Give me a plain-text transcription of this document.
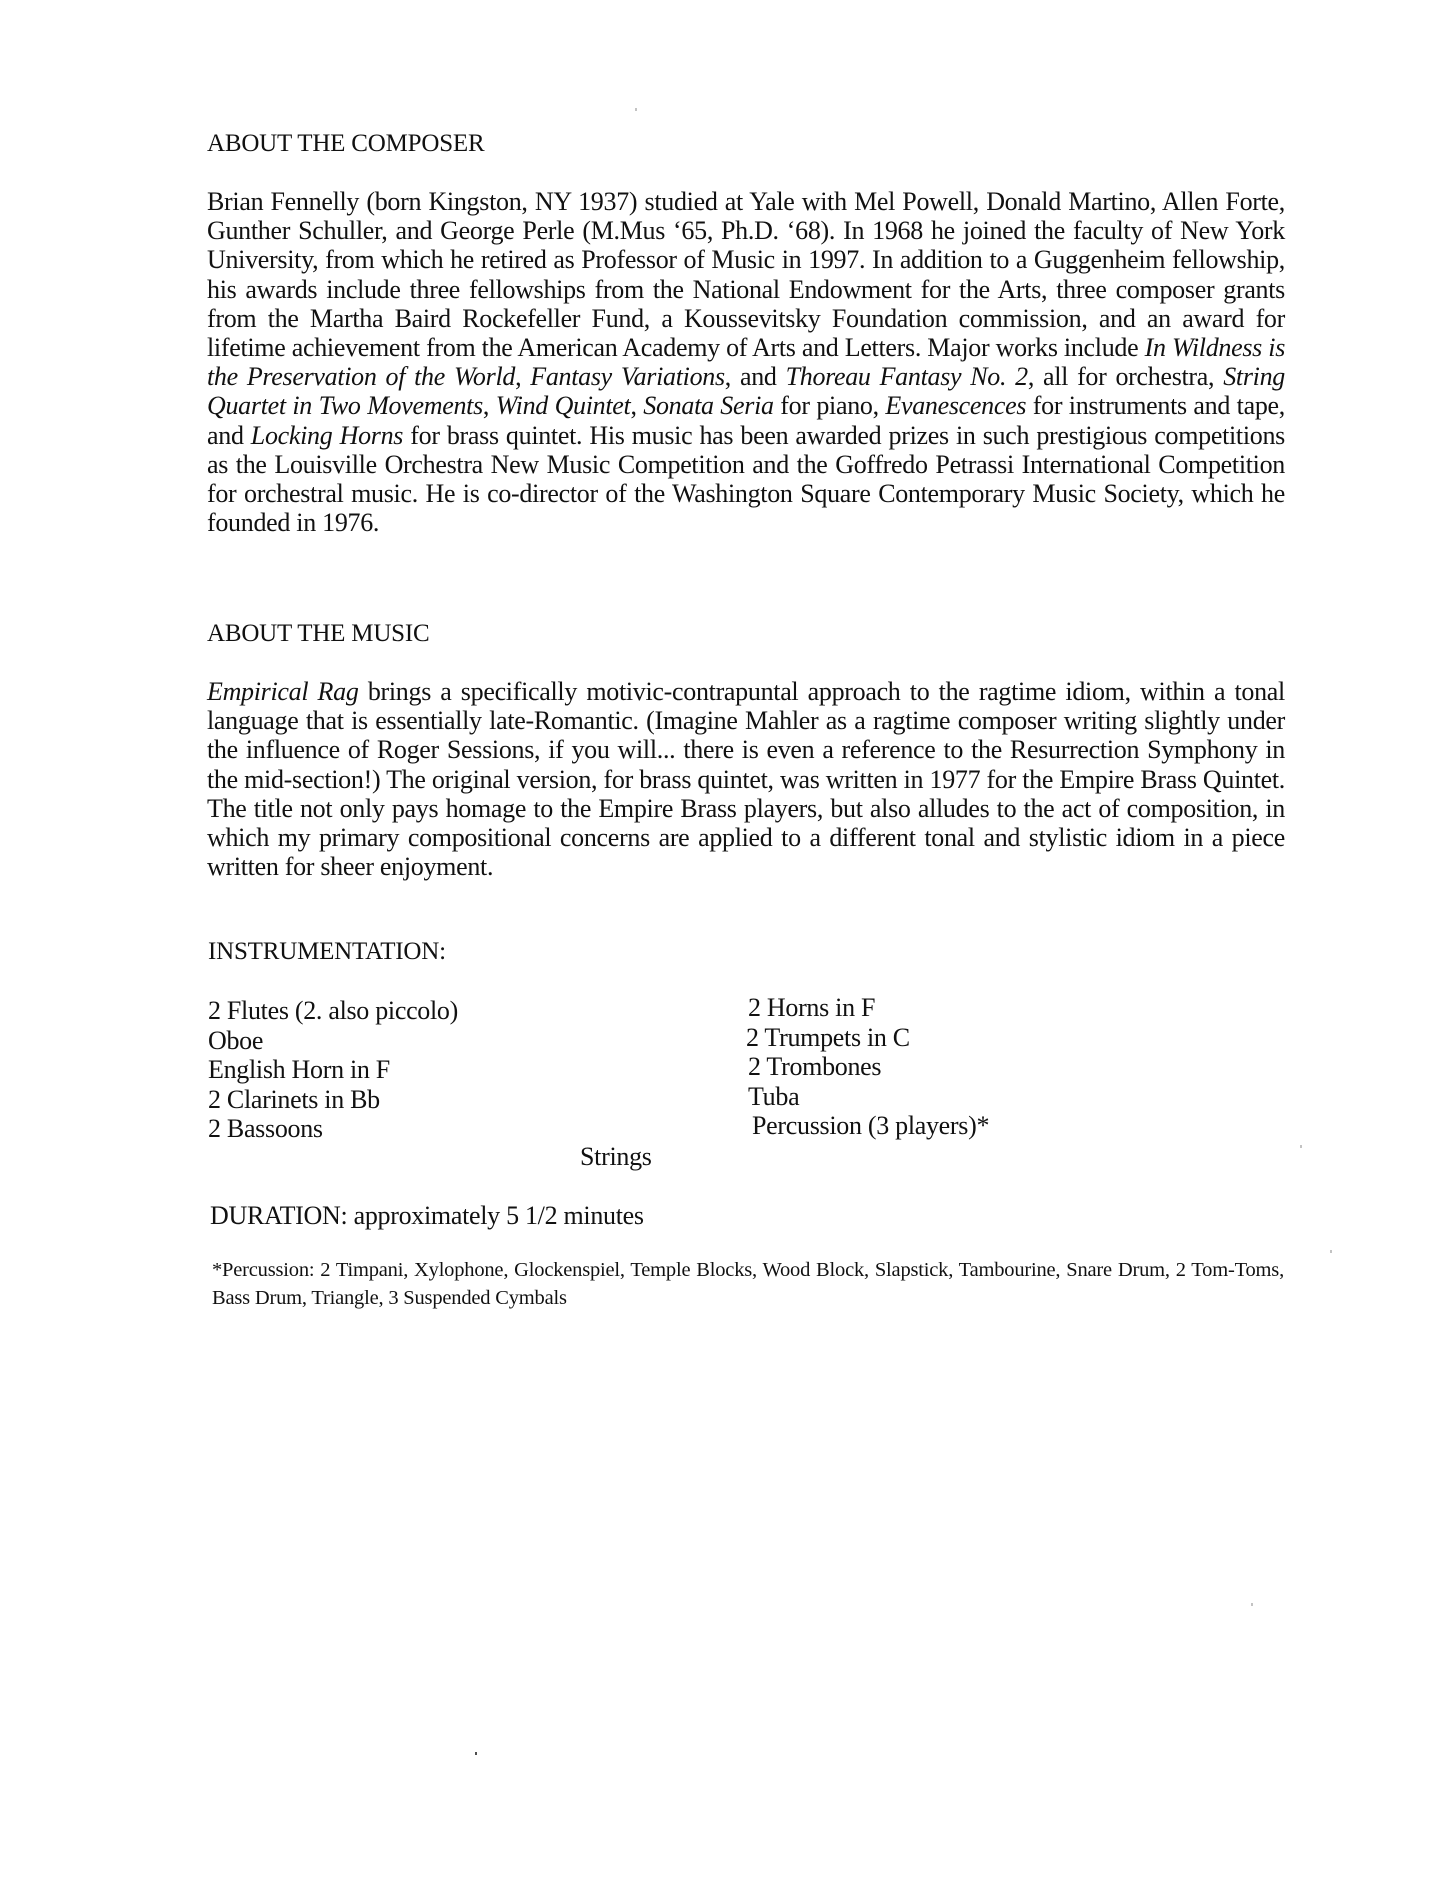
ABOUT THE COMPOSER

Brian Fennelly (born Kingston, NY 1937) studied at Yale with Mel Powell, Donald Martino, Allen Forte, Gunther Schuller, and George Perle (M.Mus ‘65, Ph.D. ‘68). In 1968 he joined the faculty of New York University, from which he retired as Professor of Music in 1997. In addition to a Guggenheim fellowship, his awards include three fellowships from the National Endowment for the Arts, three composer grants from the Martha Baird Rockefeller Fund, a Koussevitsky Foundation commission, and an award for lifetime achievement from the American Academy of Arts and Letters. Major works include In Wildness is the Preservation of the World, Fantasy Variations, and Thoreau Fantasy No. 2, all for orchestra, String Quartet in Two Movements, Wind Quintet, Sonata Seria for piano, Evanescences for instruments and tape, and Locking Horns for brass quintet. His music has been awarded prizes in such prestigious competitions as the Louisville Orchestra New Music Competition and the Goffredo Petrassi International Competition for orchestral music. He is co-director of the Washington Square Contemporary Music Society, which he founded in 1976.

ABOUT THE MUSIC

Empirical Rag brings a specifically motivic-contrapuntal approach to the ragtime idiom, within a tonal language that is essentially late-Romantic. (Imagine Mahler as a ragtime composer writing slightly under the influence of Roger Sessions, if you will... there is even a reference to the Resurrection Symphony in the mid-section!) The original version, for brass quintet, was written in 1977 for the Empire Brass Quintet. The title not only pays homage to the Empire Brass players, but also alludes to the act of composition, in which my primary compositional concerns are applied to a different tonal and stylistic idiom in a piece written for sheer enjoyment.

INSTRUMENTATION:
2 Flutes (2. also piccolo)
Oboe
English Horn in F
2 Clarinets in Bb
2 Bassoons
2 Horns in F
2 Trumpets in C
2 Trombones
Tuba
Percussion (3 players)*
Strings
DURATION: approximately 5 1/2 minutes
*Percussion: 2 Timpani, Xylophone, Glockenspiel, Temple Blocks, Wood Block, Slapstick, Tambourine, Snare Drum, 2 Tom-Toms, Bass Drum, Triangle, 3 Suspended Cymbals
